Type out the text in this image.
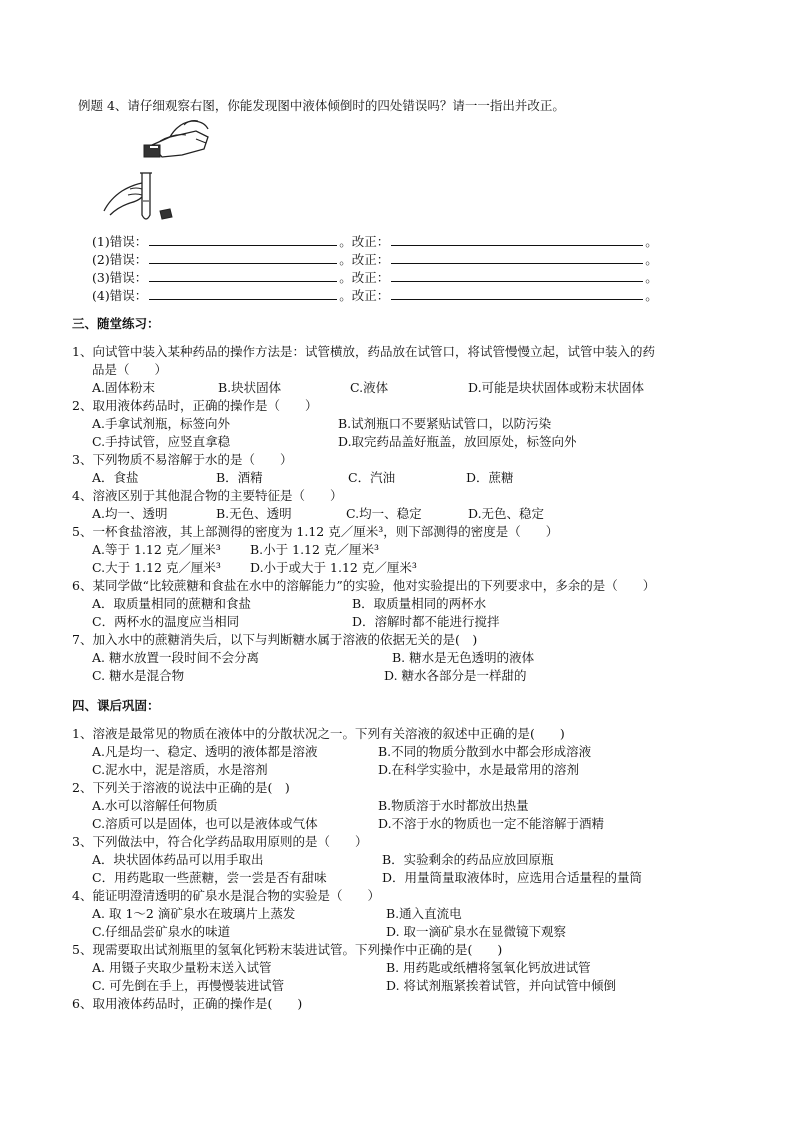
例题 4、请仔细观察右图，你能发现图中液体倾倒时的四处错误吗？请一一指出并改正。
(1)错误：	。改正：	。
(2)错误：	。改正：	。
(3)错误：	。改正：	。
(4)错误：	。改正：	。
三、随堂练习：
1、向试管中装入某种药品的操作方法是：试管横放，药品放在试管口，将试管慢慢立起，试管中装入的药
品是（　　）
A.固体粉末	B.块状固体	C.液体	D.可能是块状固体或粉末状固体
2、取用液体药品时，正确的操作是（　　）
A.手拿试剂瓶，标签向外	B.试剂瓶口不要紧贴试管口，以防污染
C.手持试管，应竖直拿稳	D.取完药品盖好瓶盖，放回原处，标签向外
3、下列物质不易溶解于水的是（　　）
A．食盐	B．酒精	C．汽油	D．蔗糖
4、溶液区别于其他混合物的主要特征是（　　）
A.均一、透明	B.无色、透明	C.均一、稳定	D.无色、稳定
5、一杯食盐溶液，其上部测得的密度为 1.12 克／厘米³，则下部测得的密度是（　　）
A.等于 1.12 克／厘米³ B.小于 1.12 克／厘米³
C.大于 1.12 克／厘米³ D.小于或大于 1.12 克／厘米³
6、某同学做“比较蔗糖和食盐在水中的溶解能力”的实验，他对实验提出的下列要求中，多余的是（　　）
A．取质量相同的蔗糖和食盐	B．取质量相同的两杯水
C．两杯水的温度应当相同	D．溶解时都不能进行搅拌
7、加入水中的蔗糖消失后，以下与判断糖水属于溶液的依据无关的是(　)
A. 糖水放置一段时间不会分离	B. 糖水是无色透明的液体
C. 糖水是混合物	D. 糖水各部分是一样甜的
四、课后巩固：
1、溶液是最常见的物质在液体中的分散状况之一。下列有关溶液的叙述中正确的是(　　)
A.凡是均一、稳定、透明的液体都是溶液	B.不同的物质分散到水中都会形成溶液
C.泥水中，泥是溶质，水是溶剂	D.在科学实验中，水是最常用的溶剂
2、下列关于溶液的说法中正确的是(　)
A.水可以溶解任何物质	B.物质溶于水时都放出热量
C.溶质可以是固体，也可以是液体或气体	D.不溶于水的物质也一定不能溶解于酒精
3、下列做法中，符合化学药品取用原则的是（　　）
A．块状固体药品可以用手取出	B．实验剩余的药品应放回原瓶
C．用药匙取一些蔗糖，尝一尝是否有甜味	D．用量筒量取液体时，应选用合适量程的量筒
4、能证明澄清透明的矿泉水是混合物的实验是（　　）
A. 取 1～2 滴矿泉水在玻璃片上蒸发	B.通入直流电
C.仔细品尝矿泉水的味道	D. 取一滴矿泉水在显微镜下观察
5、现需要取出试剂瓶里的氢氧化钙粉末装进试管。下列操作中正确的是(　　)
A. 用镊子夹取少量粉末送入试管	B. 用药匙或纸槽将氢氧化钙放进试管
C. 可先倒在手上，再慢慢装进试管	D. 将试剂瓶紧挨着试管，并向试管中倾倒
6、取用液体药品时，正确的操作是(　　)
